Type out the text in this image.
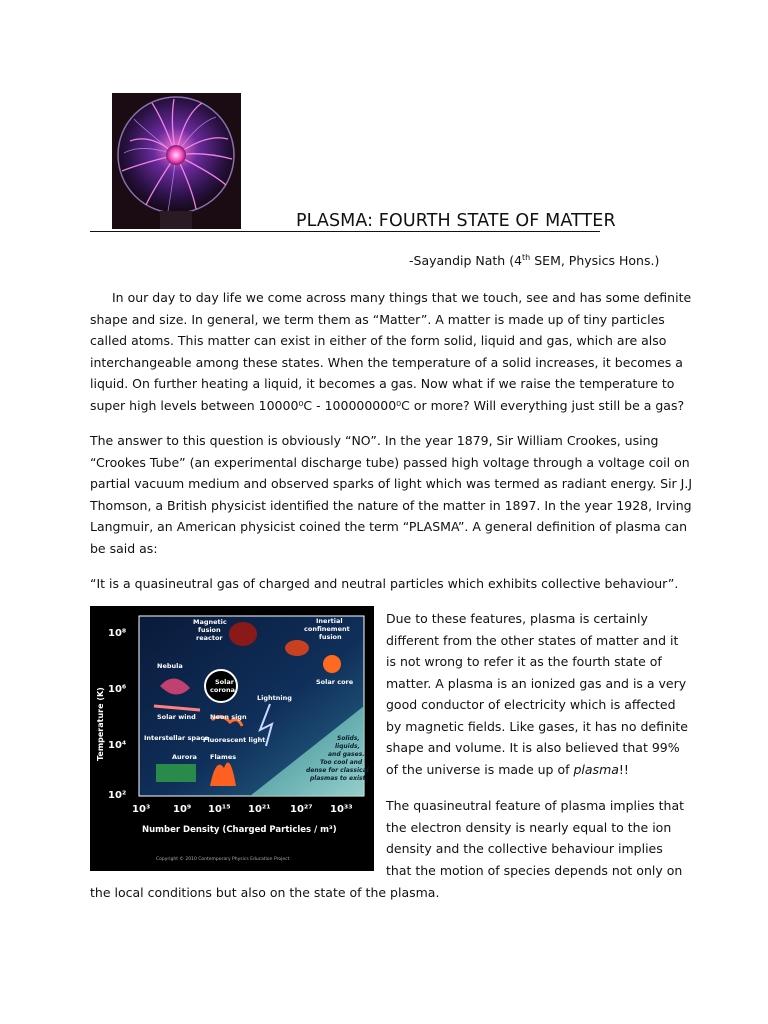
PLASMA: FOURTH STATE OF MATTER
-Sayandip Nath (4th SEM, Physics Hons.)
In our day to day life we come across many things that we touch, see and has some definite
shape and size. In general, we term them as “Matter”. A matter is made up of tiny particles
called atoms. This matter can exist in either of the form solid, liquid and gas, which are also
interchangeable among these states. When the temperature of a solid increases, it becomes a
liquid. On further heating a liquid, it becomes a gas. Now what if we raise the temperature to
super high levels between 10000⁰C - 100000000⁰C or more? Will everything just still be a gas?
The answer to this question is obviously “NO”. In the year 1879, Sir William Crookes, using
“Crookes Tube” (an experimental discharge tube) passed high voltage through a voltage coil on
partial vacuum medium and observed sparks of light which was termed as radiant energy. Sir J.J
Thomson, a British physicist identified the nature of the matter in 1897. In the year 1928, Irving
Langmuir, an American physicist coined the term “PLASMA”. A general definition of plasma can
be said as:
“It is a quasineutral gas of charged and neutral particles which exhibits collective behaviour”.
10⁸
10⁶
10⁴
10²
Temperature (K)
10³ 10⁹ 10¹⁵ 10²¹ 10²⁷ 10³³
Number Density (Charged Particles / m³)
Magnetic
fusion
reactor
Inertial
confinement
fusion
Nebula
Solar
corona
Solar core
Lightning
Solar wind Neon sign
Interstellar space
Fluorescent light
Aurora Flames
Solids,
liquids,
and gases.
Too cool and
dense for classical
plasmas to exist.
Copyright © 2010 Contemporary Physics Education Project
Due to these features, plasma is certainly
different from the other states of matter and it
is not wrong to refer it as the fourth state of
matter. A plasma is an ionized gas and is a very
good conductor of electricity which is affected
by magnetic fields. Like gases, it has no definite
shape and volume. It is also believed that 99%
of the universe is made up of plasma!!
The quasineutral feature of plasma implies that
the electron density is nearly equal to the ion
density and the collective behaviour implies
that the motion of species depends not only on
the local conditions but also on the state of the plasma.
